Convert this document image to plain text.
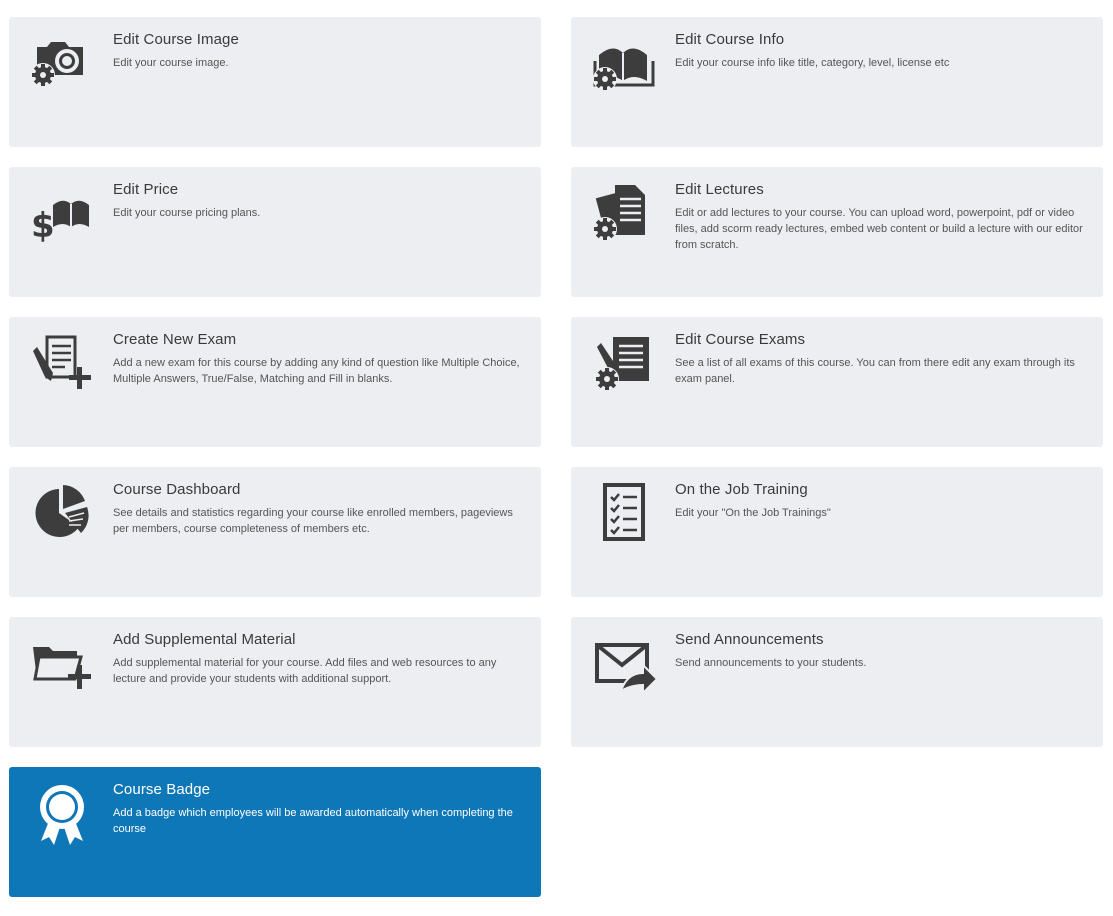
Edit Course Image
Edit your course image.
Edit Course Info
Edit your course info like title, category, level, license etc
$
Edit Price
Edit your course pricing plans.
Edit Lectures
Edit or add lectures to your course. You can upload word, powerpoint, pdf or video files, add scorm ready lectures, embed web content or build a lecture with our editor from scratch.
Create New Exam
Add a new exam for this course by adding any kind of question like Multiple Choice, Multiple Answers, True/False, Matching and Fill in blanks.
Edit Course Exams
See a list of all exams of this course. You can from there edit any exam through its exam panel.
Course Dashboard
See details and statistics regarding your course like enrolled members, pageviews per members, course completeness of members etc.
On the Job Training
Edit your "On the Job Trainings"
Add Supplemental Material
Add supplemental material for your course. Add files and web resources to any lecture and provide your students with additional support.
Send Announcements
Send announcements to your students.
Course Badge
Add a badge which employees will be awarded automatically when completing the course
